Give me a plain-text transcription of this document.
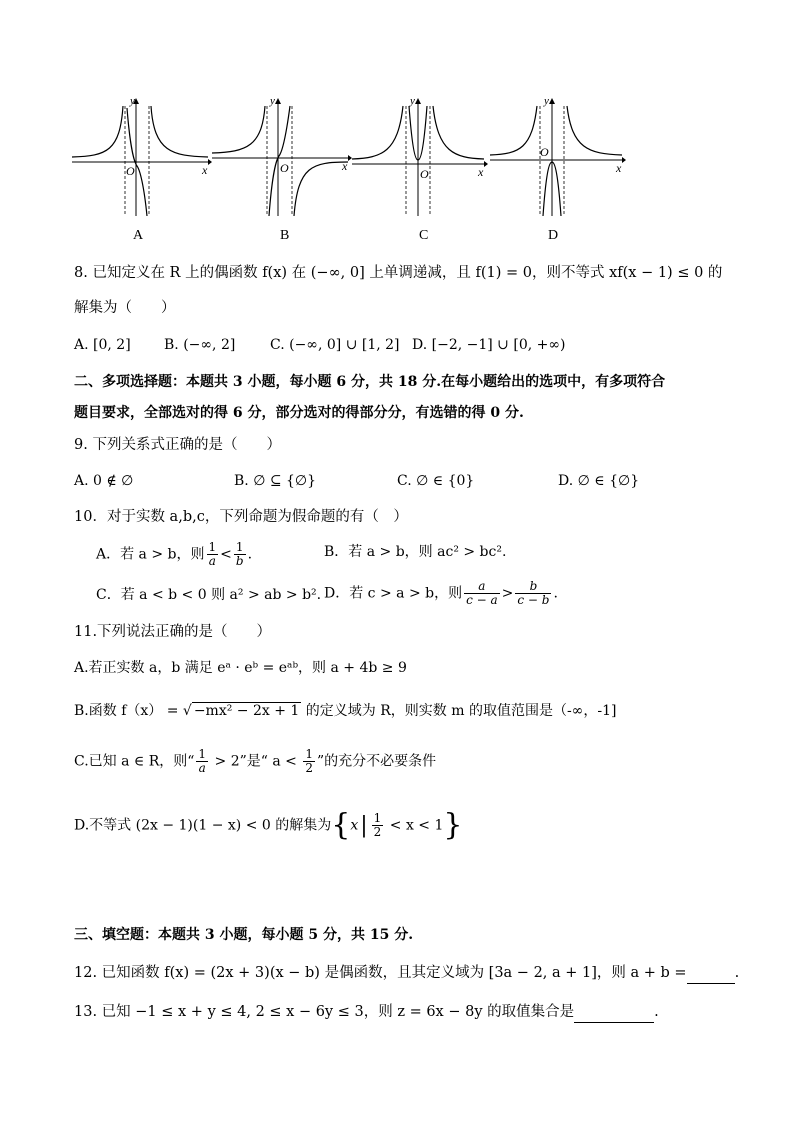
y
O	x
y
O	x
y
O	x
y
O
x
A	B	C	D
8. 已知定义在 R 上的偶函数 f(x) 在 (−∞, 0] 上单调递减，且 f(1) = 0，则不等式 xf(x − 1) ≤ 0 的
解集为（　　）
A. [0, 2] B. (−∞, 2] C. (−∞, 0] ∪ [1, 2] D. [−2, −1] ∪ [0, +∞)
二、多项选择题：本题共 3 小题，每小题 6 分，共 18 分.在每小题给出的选项中，有多项符合
题目要求，全部选对的得 6 分，部分选对的得部分分，有选错的得 0 分.
9. 下列关系式正确的是（　　）
A. 0 ∉ ∅	B. ∅ ⊆ {∅}	C. ∅ ∈ {0}	D. ∅ ∈ {∅}
10．对于实数 a,b,c，下列命题为假命题的有（　）
A．若 a > b，则 $\frac{1}{a} < \frac{1}{b}$ .	B．若 a > b，则 ac² > bc².
C．若 a < b < 0 则 a² > ab > b². D．若 c > a > b，则 $\frac{a}{c - a} > \frac{b}{c - b}$ .
11.下列说法正确的是（　　）
A.若正实数 a，b 满足 eᵃ · eᵇ = eᵃᵇ，则 a + 4b ≥ 9
B.函数 f（x） = √ −mx² − 2x + 1 的定义域为 R，则实数 m 的取值范围是（-∞，-1]
C.已知 a ∈ R，则“ $\frac{1}{a} > 2$”是“ $a < \frac{1}{2}$ ”的充分不必要条件
D.不等式 (2x − 1)(1 − x) < 0 的解集为$\{x| \frac{1}{2} < x < 1\}$
三、填空题：本题共 3 小题，每小题 5 分，共 15 分.
12. 已知函数 f(x) = (2x + 3)(x − b) 是偶函数，且其定义域为 [3a − 2, a + 1]，则 a + b =	.
13. 已知 −1 ≤ x + y ≤ 4, 2 ≤ x − 6y ≤ 3，则 z = 6x − 8y 的取值集合是	.
